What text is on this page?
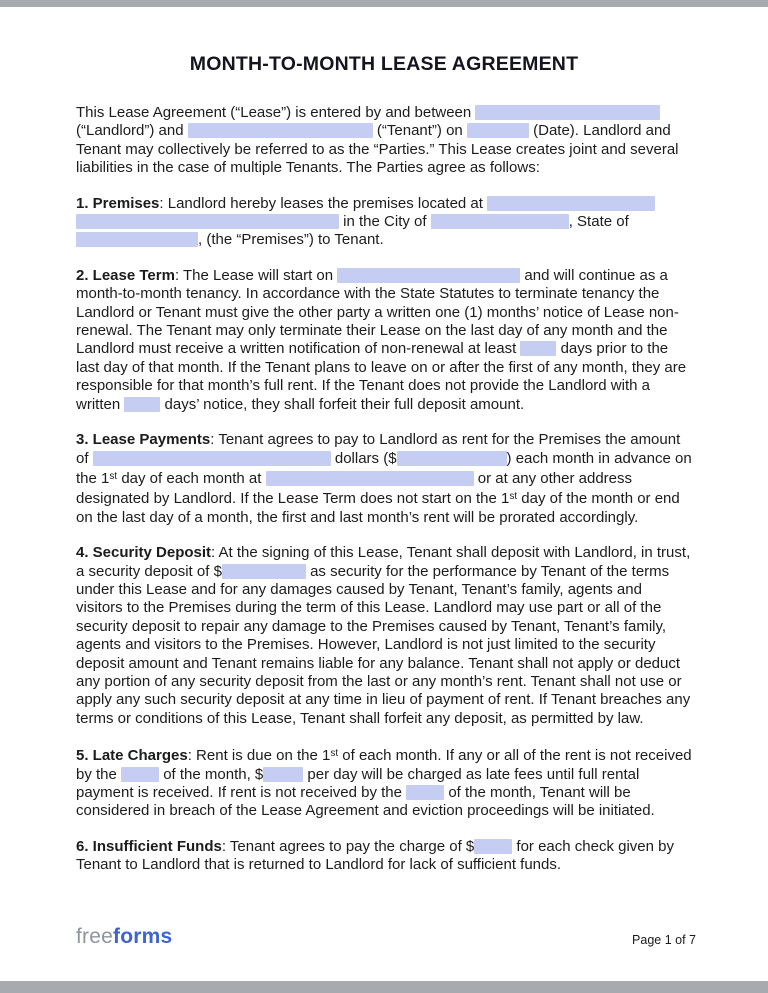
MONTH-TO-MONTH LEASE AGREEMENT

This Lease Agreement (“Lease”) is entered by and between  (“Landlord”) and	(“Tenant”) on	(Date). Landlord and Tenant may collectively be referred to as the “Parties.” This Lease creates joint and several liabilities in the case of multiple Tenants. The Parties agree as follows:

1. Premises: Landlord hereby leases the premises located at   in the City of	, State of , (the “Premises”) to Tenant.

2. Lease Term: The Lease will start on	and will continue as a month-to-month tenancy. In accordance with the State Statutes to terminate tenancy the Landlord or Tenant must give the other party a written one (1) months’ notice of Lease non-renewal. The Tenant may only terminate their Lease on the last day of any month and the Landlord must receive a written notification of non-renewal at least  days prior to the last day of that month. If the Tenant plans to leave on or after the first of any month, they are responsible for that month’s full rent. If the Tenant does not provide the Landlord with a written  days’ notice, they shall forfeit their full deposit amount.

3. Lease Payments: Tenant agrees to pay to Landlord as rent for the Premises the amount of	dollars ($	) each month in advance on the 1st day of each month at	or at any other address designated by Landlord. If the Lease Term does not start on the 1st day of the month or end on the last day of a month, the first and last month’s rent will be prorated accordingly.

4. Security Deposit: At the signing of this Lease, Tenant shall deposit with Landlord, in trust, a security deposit of $	as security for the performance by Tenant of the terms under this Lease and for any damages caused by Tenant, Tenant’s family, agents and visitors to the Premises during the term of this Lease. Landlord may use part or all of the security deposit to repair any damage to the Premises caused by Tenant, Tenant’s family, agents and visitors to the Premises. However, Landlord is not just limited to the security deposit amount and Tenant remains liable for any balance. Tenant shall not apply or deduct any portion of any security deposit from the last or any month’s rent. Tenant shall not use or apply any such security deposit at any time in lieu of payment of rent. If Tenant breaches any terms or conditions of this Lease, Tenant shall forfeit any deposit, as permitted by law.

5. Late Charges: Rent is due on the 1st of each month. If any or all of the rent is not received by the	of the month, $	per day will be charged as late fees until full rental payment is received. If rent is not received by the	of the month, Tenant will be considered in breach of the Lease Agreement and eviction proceedings will be initiated.

6. Insufficient Funds: Tenant agrees to pay the charge of $	for each check given by Tenant to Landlord that is returned to Landlord for lack of sufficient funds.

freeforms	Page 1 of 7
